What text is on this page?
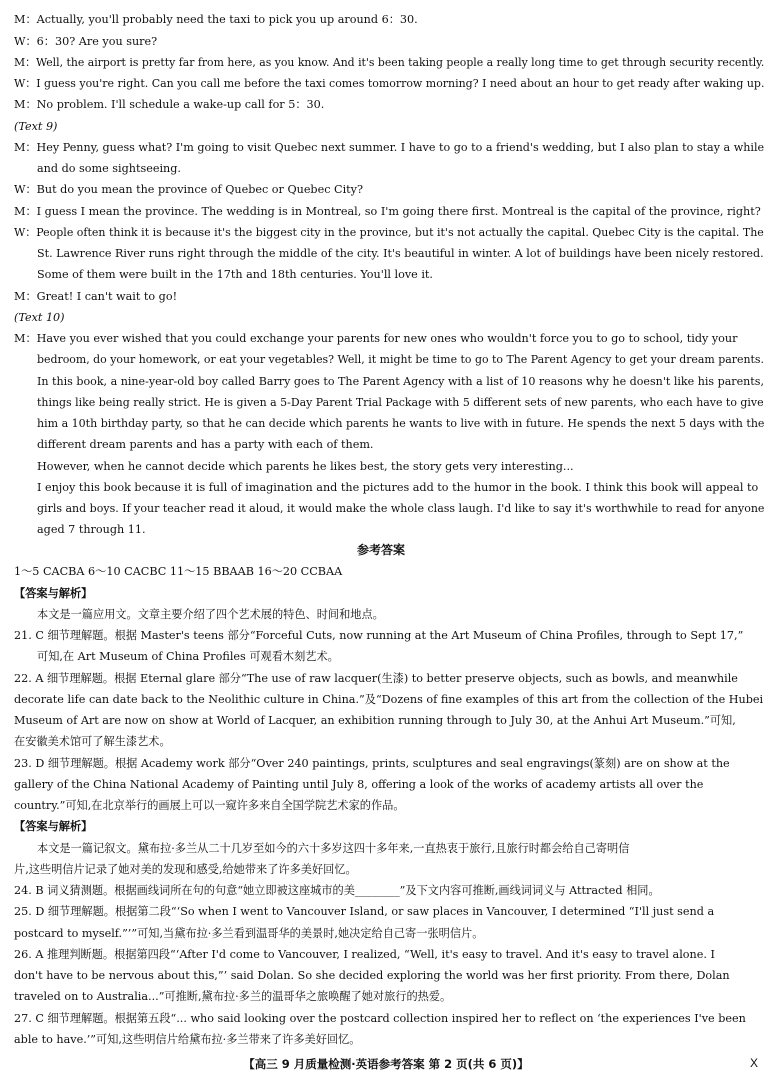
M：Actually, you'll probably need the taxi to pick you up around 6：30.
W：6：30? Are you sure?
M：Well, the airport is pretty far from here, as you know. And it's been taking people a really long time to get through security recently.
W：I guess you're right. Can you call me before the taxi comes tomorrow morning? I need about an hour to get ready after waking up.
M：No problem. I'll schedule a wake-up call for 5：30.
(Text 9)
M：Hey Penny, guess what? I'm going to visit Quebec next summer. I have to go to a friend's wedding, but I also plan to stay a while
and do some sightseeing.
W：But do you mean the province of Quebec or Quebec City?
M：I guess I mean the province. The wedding is in Montreal, so I'm going there first. Montreal is the capital of the province, right?
W：People often think it is because it's the biggest city in the province, but it's not actually the capital. Quebec City is the capital. The
St. Lawrence River runs right through the middle of the city. It's beautiful in winter. A lot of buildings have been nicely restored.
Some of them were built in the 17th and 18th centuries. You'll love it.
M：Great! I can't wait to go!
(Text 10)
M：Have you ever wished that you could exchange your parents for new ones who wouldn't force you to go to school, tidy your
bedroom, do your homework, or eat your vegetables? Well, it might be time to go to The Parent Agency to get your dream parents.
In this book, a nine-year-old boy called Barry goes to The Parent Agency with a list of 10 reasons why he doesn't like his parents,
things like being really strict. He is given a 5-Day Parent Trial Package with 5 different sets of new parents, who each have to give
him a 10th birthday party, so that he can decide which parents he wants to live with in future. He spends the next 5 days with the
different dream parents and has a party with each of them.
However, when he cannot decide which parents he likes best, the story gets very interesting...
I enjoy this book because it is full of imagination and the pictures add to the humor in the book. I think this book will appeal to
girls and boys. If your teacher read it aloud, it would make the whole class laugh. I'd like to say it's worthwhile to read for anyone
aged 7 through 11.
参考答案
1～5 CACBA 6～10 CACBC 11～15 BBAAB 16～20 CCBAA
【答案与解析】
本文是一篇应用文。文章主要介绍了四个艺术展的特色、时间和地点。
21. C 细节理解题。根据 Master's teens 部分“Forceful Cuts, now running at the Art Museum of China Profiles, through to Sept 17,”
可知,在 Art Museum of China Profiles 可观看木刻艺术。
22. A 细节理解题。根据 Eternal glare 部分“The use of raw lacquer(生漆) to better preserve objects, such as bowls, and meanwhile
decorate life can date back to the Neolithic culture in China.”及“Dozens of fine examples of this art from the collection of the Hubei
Museum of Art are now on show at World of Lacquer, an exhibition running through to July 30, at the Anhui Art Museum.”可知,
在安徽美术馆可了解生漆艺术。
23. D 细节理解题。根据 Academy work 部分“Over 240 paintings, prints, sculptures and seal engravings(篆刻) are on show at the
gallery of the China National Academy of Painting until July 8, offering a look of the works of academy artists all over the
country.”可知,在北京举行的画展上可以一窥许多来自全国学院艺术家的作品。
【答案与解析】
本文是一篇记叙文。黛布拉·多兰从二十几岁至如今的六十多岁这四十多年来,一直热衷于旅行,且旅行时都会给自己寄明信
片,这些明信片记录了她对美的发现和感受,给她带来了许多美好回忆。
24. B 词义猜测题。根据画线词所在句的句意“她立即被这座城市的美________”及下文内容可推断,画线词词义与 Attracted 相同。
25. D 细节理解题。根据第二段“‘So when I went to Vancouver Island, or saw places in Vancouver, I determined “I'll just send a
postcard to myself.”’”可知,当黛布拉·多兰看到温哥华的美景时,她决定给自己寄一张明信片。
26. A 推理判断题。根据第四段“‘After I'd come to Vancouver, I realized, “Well, it's easy to travel. And it's easy to travel alone. I
don't have to be nervous about this,”’ said Dolan. So she decided exploring the world was her first priority. From there, Dolan
traveled on to Australia...”可推断,黛布拉·多兰的温哥华之旅唤醒了她对旅行的热爱。
27. C 细节理解题。根据第五段“... who said looking over the postcard collection inspired her to reflect on ‘the experiences I've been
able to have.’”可知,这些明信片给黛布拉·多兰带来了许多美好回忆。
【高三 9 月质量检测·英语参考答案 第 2 页(共 6 页)】	X
